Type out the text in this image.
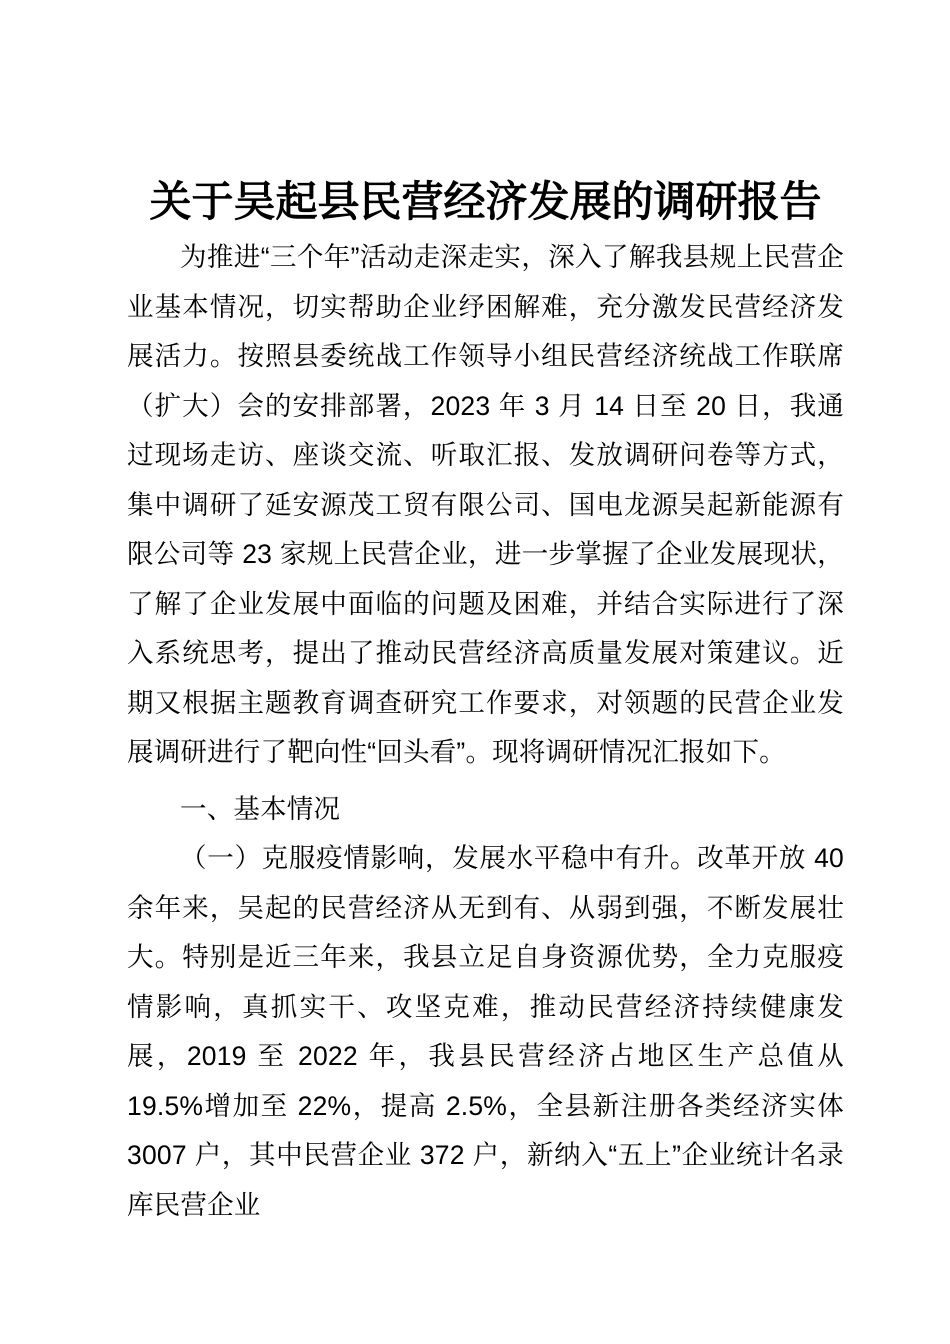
关于吴起县民营经济发展的调研报告

为推进“三个年”活动走深走实，深入了解我县规上民营企业基本情况，切实帮助企业纾困解难，充分激发民营经济发展活力。按照县委统战工作领导小组民营经济统战工作联席（扩大）会的安排部署，2023 年 3 月 14 日至 20 日，我通过现场走访、座谈交流、听取汇报、发放调研问卷等方式，集中调研了延安源茂工贸有限公司、国电龙源吴起新能源有限公司等 23 家规上民营企业，进一步掌握了企业发展现状，了解了企业发展中面临的问题及困难，并结合实际进行了深入系统思考，提出了推动民营经济高质量发展对策建议。近期又根据主题教育调查研究工作要求，对领题的民营企业发展调研进行了靶向性“回头看”。现将调研情况汇报如下。

一、基本情况

（一）克服疫情影响，发展水平稳中有升。改革开放 40 余年来，吴起的民营经济从无到有、从弱到强，不断发展壮大。特别是近三年来，我县立足自身资源优势，全力克服疫情影响，真抓实干、攻坚克难，推动民营经济持续健康发展，2019 至 2022 年，我县民营经济占地区生产总值从 19.5%增加至 22%，提高 2.5%，全县新注册各类经济实体 3007 户，其中民营企业 372 户，新纳入“五上”企业统计名录库民营企业
